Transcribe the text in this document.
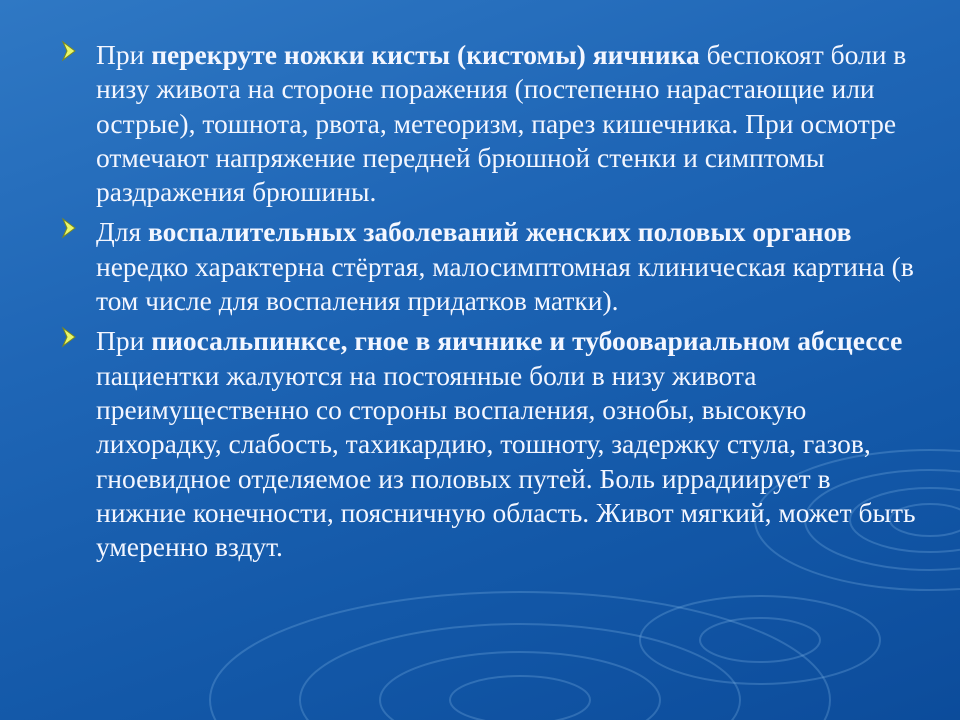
При перекруте ножки кисты (кистомы) яичника беспокоят боли в низу живота на стороне поражения (постепенно нарастающие или острые), тошнота, рвота, метеоризм, парез кишечника. При осмотре отмечают напряжение передней брюшной стенки и симптомы раздражения брюшины.
Для воспалительных заболеваний женских половых органов нередко характерна стёртая, малосимптомная клиническая картина (в том числе для воспаления придатков матки).
При пиосальпинксе, гное в яичнике и тубоовариальном абсцессе пациентки жалуются на постоянные боли в низу живота преимущественно со стороны воспаления, ознобы, высокую лихорадку, слабость, тахикардию, тошноту, задержку стула, газов, гноевидное отделяемое из половых путей. Боль иррадиирует в нижние конечности, поясничную область. Живот мягкий, может быть умеренно вздут.
